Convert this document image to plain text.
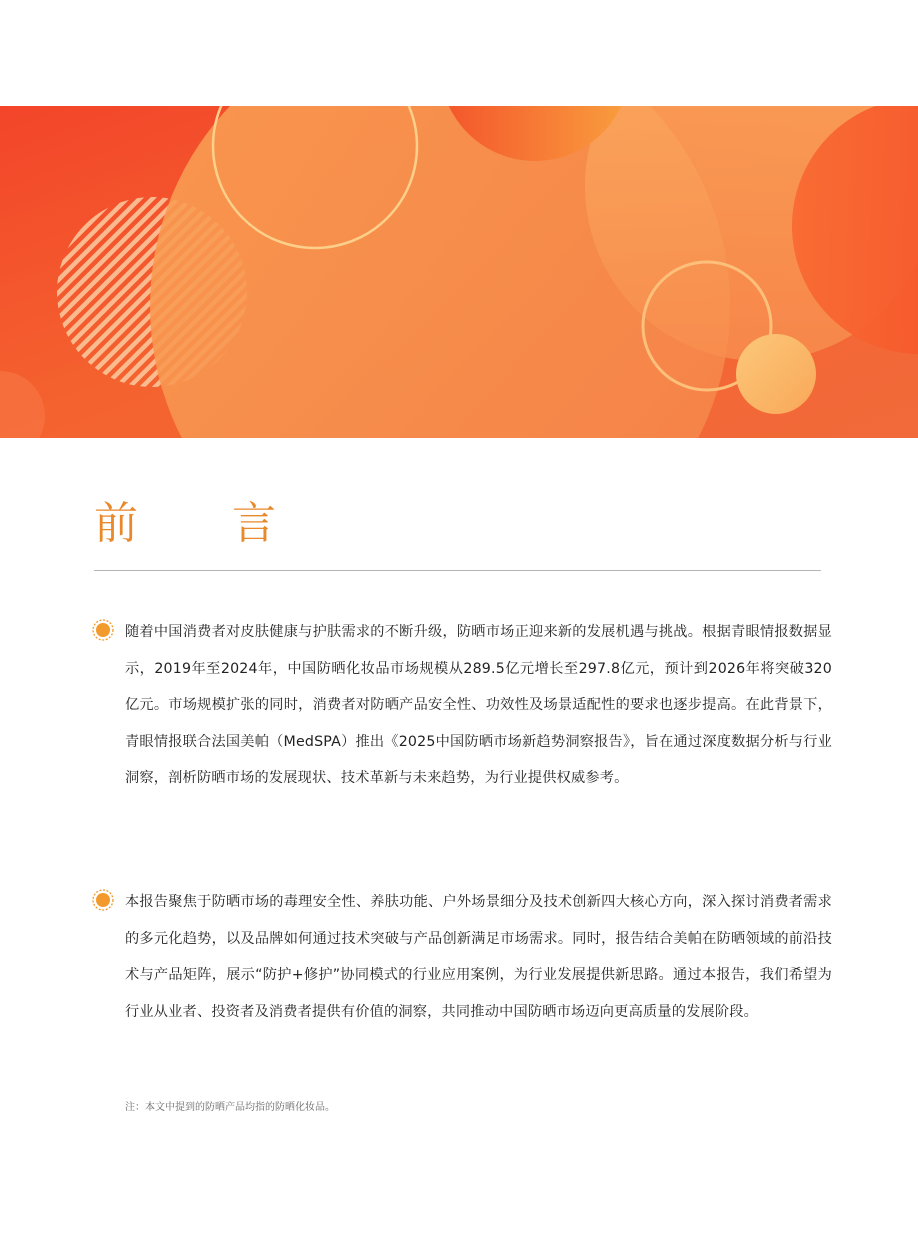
前 言

随着中国消费者对皮肤健康与护肤需求的不断升级，防晒市场正迎来新的发展机遇与挑战。根据青眼情报数据显示，2019年至2024年，中国防晒化妆品市场规模从289.5亿元增长至297.8亿元，预计到2026年将突破320亿元。市场规模扩张的同时，消费者对防晒产品安全性、功效性及场景适配性的要求也逐步提高。在此背景下，青眼情报联合法国美帕（MedSPA）推出《2025中国防晒市场新趋势洞察报告》，旨在通过深度数据分析与行业洞察，剖析防晒市场的发展现状、技术革新与未来趋势，为行业提供权威参考。

本报告聚焦于防晒市场的毒理安全性、养肤功能、户外场景细分及技术创新四大核心方向，深入探讨消费者需求的多元化趋势，以及品牌如何通过技术突破与产品创新满足市场需求。同时，报告结合美帕在防晒领域的前沿技术与产品矩阵，展示“防护+修护”协同模式的行业应用案例，为行业发展提供新思路。通过本报告，我们希望为行业从业者、投资者及消费者提供有价值的洞察，共同推动中国防晒市场迈向更高质量的发展阶段。

注：本文中提到的防晒产品均指的防晒化妆品。
